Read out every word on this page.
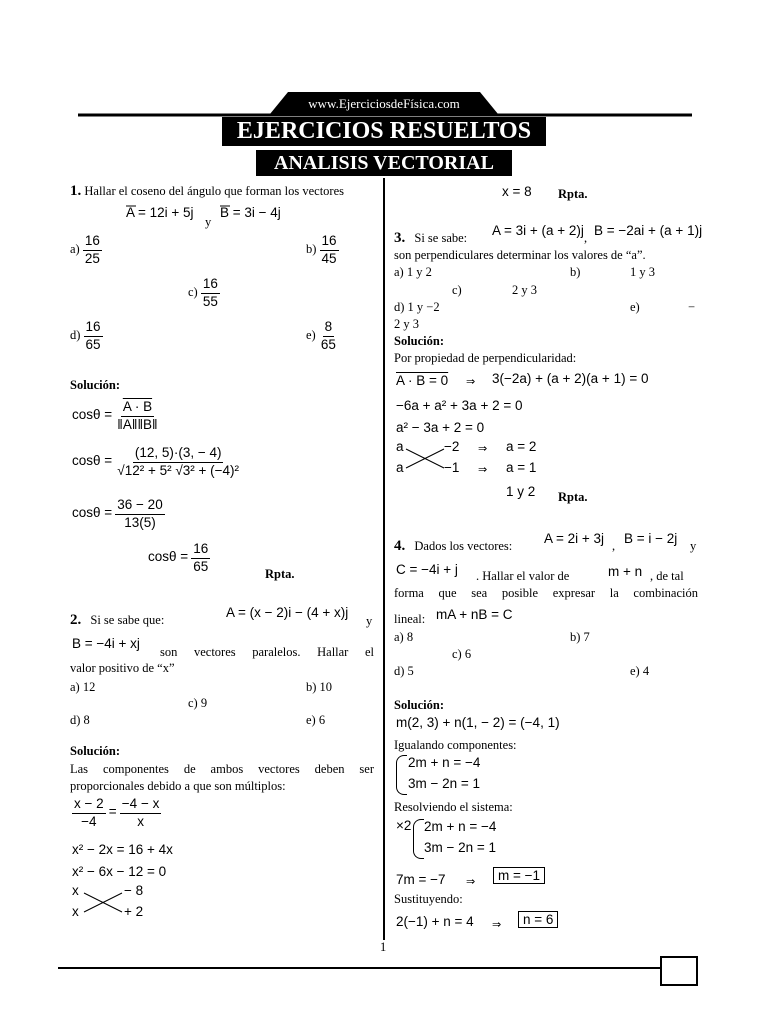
www.EjerciciosdeFísica.com
EJERCICIOS RESUELTOS
ANALISIS VECTORIAL
1. Hallar el coseno del ángulo que forman los vectores
A = 12i + 5j
y
B = 3i − 4j
$a) \frac{16}{25}$	$b) \frac{16}{45}$
$c) \frac{16}{55}$
$d) \frac{16}{65}$	$e) \frac{8}{65}$
Solución:
$\cos\theta = \frac{A \cdot B}{‖A‖‖B‖}$
$\cos\theta = \frac{(12, 5)\cdot(3, - 4)}{\text{√12² + 5² √3² + (−4)²}}$
$\cos\theta = \frac{36 - 20}{13(5)}$
$\cos\theta = \frac{16}{65}$	Rpta.
2. Si se sabe que:	A = (x − 2)i − (4 + x)j
y
B = −4i + xj
son vectores paralelos. Hallar el
valor positivo de “x”
a) 12	b) 10
c) 9
d) 8	e) 6
Solución:
Las componentes de ambos vectores deben ser
proporcionales debido a que son múltiplos:
$\frac{x - 2}{-4} = \frac{-4 - x}{x}$
x² − 2x = 16 + 4x
x² − 6x − 12 = 0
x	− 8
x	+ 2
x = 8 Rpta.
3. Si se sabe: A = 3i + (a + 2)j , B = −2ai + (a + 1)j
son perpendiculares determinar los valores de “a”.
a) 1 y 2	b)	1 y 3
c)	2 y 3
d) 1 y −2	e)	−
2 y 3
Solución:
Por propiedad de perpendicularidad:
A · B = 0 ⇒ 3(−2a) + (a + 2)(a + 1) = 0
−6a + a² + 3a + 2 = 0
a² − 3a + 2 = 0
a	−2 ⇒ a = 2
a	−1 ⇒ a = 1
1 y 2 Rpta.
4. Dados los vectores: A = 2i + 3j , B = i − 2j y
C = −4i + j . Hallar el valor de	m + n , de tal
forma que sea posible expresar la combinación
lineal: mA + nB = C
a) 8	b) 7
c) 6
d) 5	e) 4
Solución:
m(2, 3) + n(1, − 2) = (−4, 1)
Igualando componentes:
2m + n = −4
3m − 2n = 1
Resolviendo el sistema:
×2 2m + n = −4
3m − 2n = 1
7m = −7 ⇒	m = −1
Sustituyendo:
2(−1) + n = 4 ⇒	n = 6
1
